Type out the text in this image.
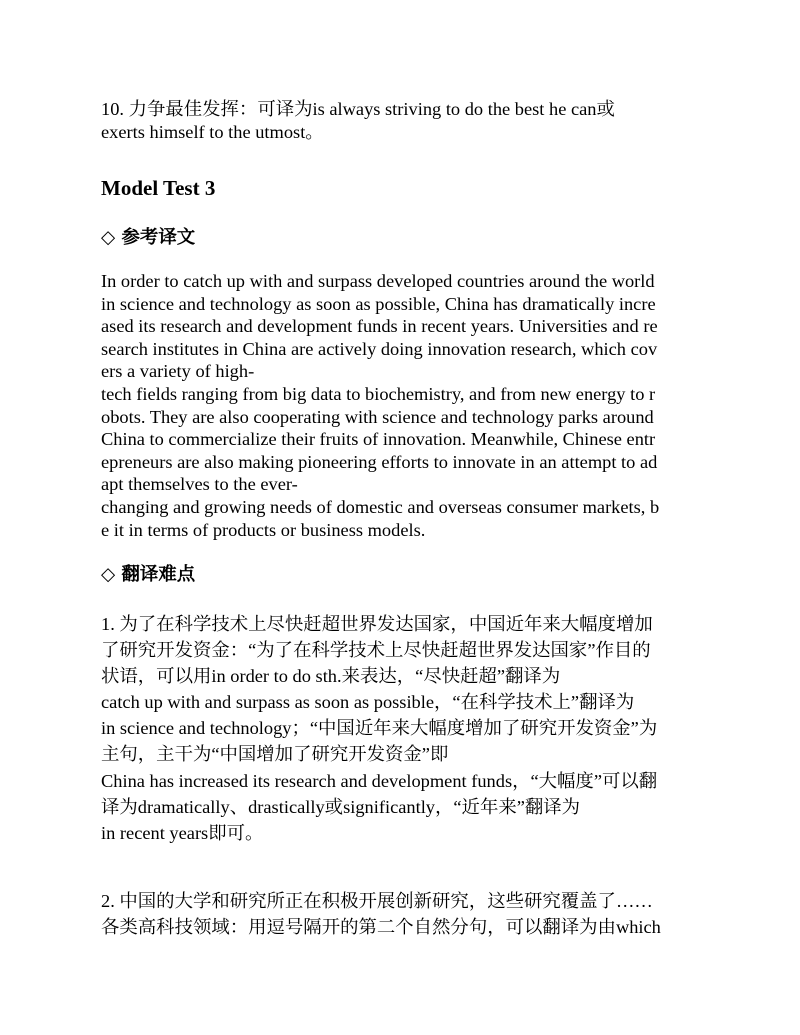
10. 力争最佳发挥：可译为is always striving to do the best he can或
exerts himself to the utmost。
Model Test 3
◇ 参考译文
In order to catch up with and surpass developed countries around the world
in science and technology as soon as possible, China has dramatically incre
ased its research and development funds in recent years. Universities and re
search institutes in China are actively doing innovation research, which cov
ers a variety of high-
tech fields ranging from big data to biochemistry, and from new energy to r
obots. They are also cooperating with science and technology parks around
China to commercialize their fruits of innovation. Meanwhile, Chinese entr
epreneurs are also making pioneering efforts to innovate in an attempt to ad
apt themselves to the ever-
changing and growing needs of domestic and overseas consumer markets, b
e it in terms of products or business models.
◇ 翻译难点
1. 为了在科学技术上尽快赶超世界发达国家，中国近年来大幅度增加
了研究开发资金：“为了在科学技术上尽快赶超世界发达国家”作目的
状语，可以用in order to do sth.来表达，“尽快赶超”翻译为
catch up with and surpass as soon as possible，“在科学技术上”翻译为
in science and technology；“中国近年来大幅度增加了研究开发资金”为
主句，主干为“中国增加了研究开发资金”即
China has increased its research and development funds，“大幅度”可以翻
译为dramatically、drastically或significantly，“近年来”翻译为
in recent years即可。
2. 中国的大学和研究所正在积极开展创新研究，这些研究覆盖了……
各类高科技领域：用逗号隔开的第二个自然分句，可以翻译为由which
